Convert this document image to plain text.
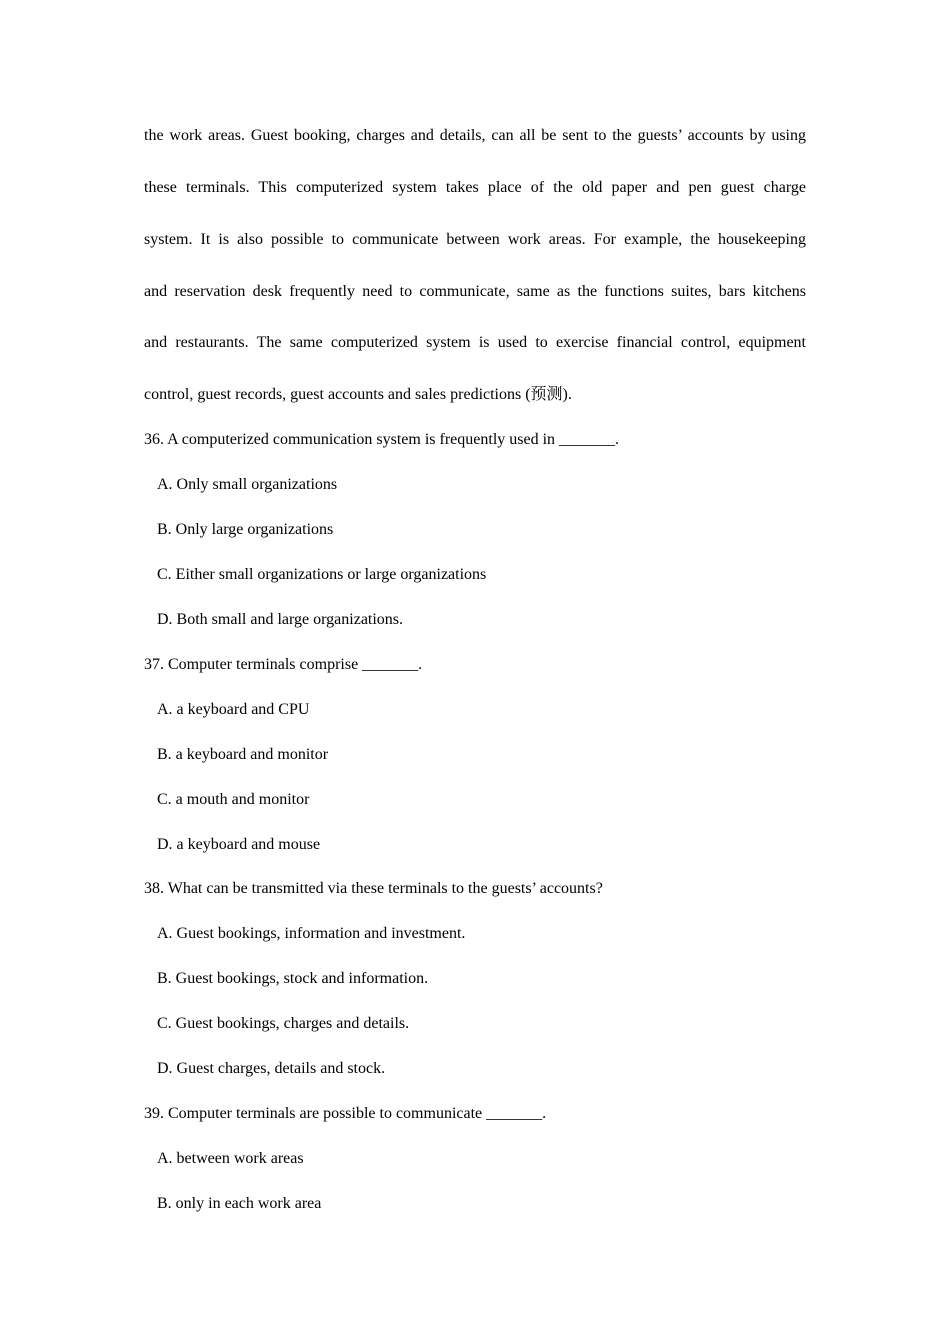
the work areas. Guest booking, charges and details, can all be sent to the guests’ accounts by using
these terminals. This computerized system takes place of the old paper and pen guest charge
system. It is also possible to communicate between work areas. For example, the housekeeping
and reservation desk frequently need to communicate, same as the functions suites, bars kitchens
and restaurants. The same computerized system is used to exercise financial control, equipment
control, guest records, guest accounts and sales predictions (预测).
36. A computerized communication system is frequently used in _______.
A. Only small organizations
B. Only large organizations
C. Either small organizations or large organizations
D. Both small and large organizations.
37. Computer terminals comprise _______.
A. a keyboard and CPU
B. a keyboard and monitor
C. a mouth and monitor
D. a keyboard and mouse
38. What can be transmitted via these terminals to the guests’ accounts?
A. Guest bookings, information and investment.
B. Guest bookings, stock and information.
C. Guest bookings, charges and details.
D. Guest charges, details and stock.
39. Computer terminals are possible to communicate _______.
A. between work areas
B. only in each work area
